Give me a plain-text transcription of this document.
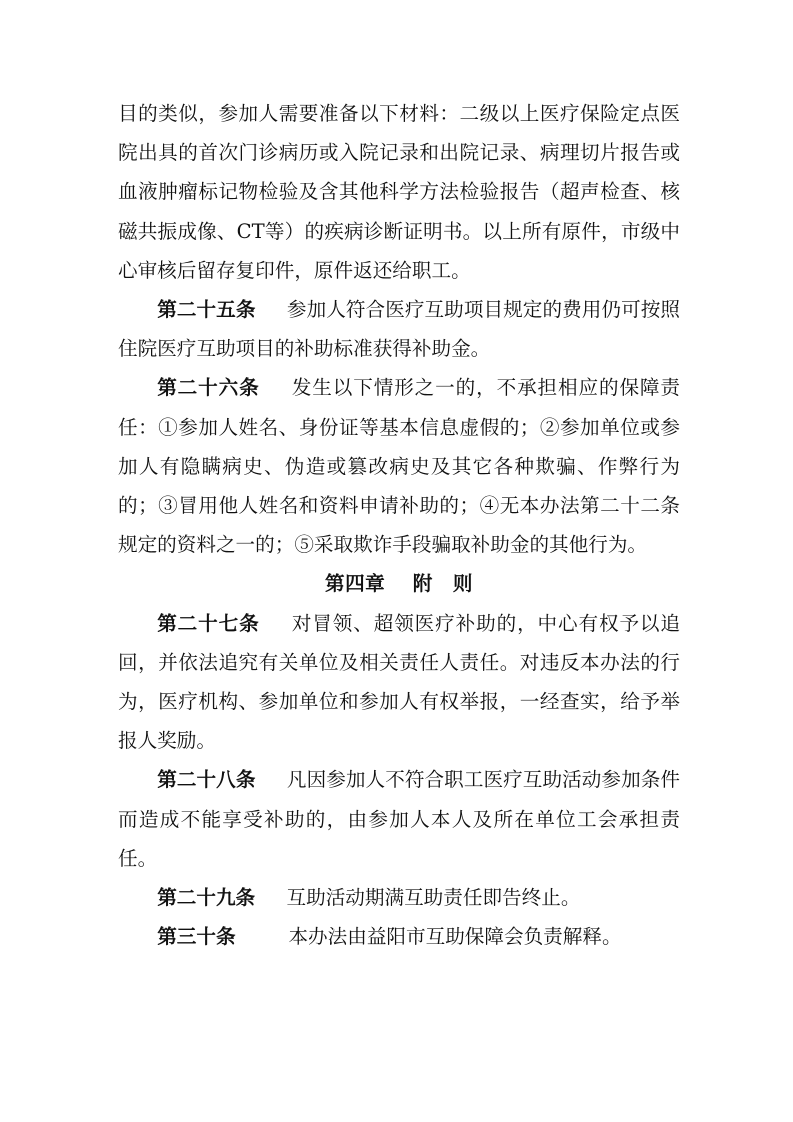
目的类似，参加人需要准备以下材料：二级以上医疗保险定点医院出具的首次门诊病历或入院记录和出院记录、病理切片报告或血液肿瘤标记物检验及含其他科学方法检验报告（超声检查、核磁共振成像、CT等）的疾病诊断证明书。以上所有原件，市级中心审核后留存复印件，原件返还给职工。

第二十五条 参加人符合医疗互助项目规定的费用仍可按照住院医疗互助项目的补助标准获得补助金。

第二十六条 发生以下情形之一的，不承担相应的保障责任：①参加人姓名、身份证等基本信息虚假的；②参加单位或参加人有隐瞒病史、伪造或篡改病史及其它各种欺骗、作弊行为的；③冒用他人姓名和资料申请补助的；④无本办法第二十二条规定的资料之一的；⑤采取欺诈手段骗取补助金的其他行为。

第四章 附　则

第二十七条 对冒领、超领医疗补助的，中心有权予以追回，并依法追究有关单位及相关责任人责任。对违反本办法的行为，医疗机构、参加单位和参加人有权举报，一经查实，给予举报人奖励。

第二十八条 凡因参加人不符合职工医疗互助活动参加条件而造成不能享受补助的，由参加人本人及所在单位工会承担责任。

第二十九条 互助活动期满互助责任即告终止。

第三十条	本办法由益阳市互助保障会负责解释。
